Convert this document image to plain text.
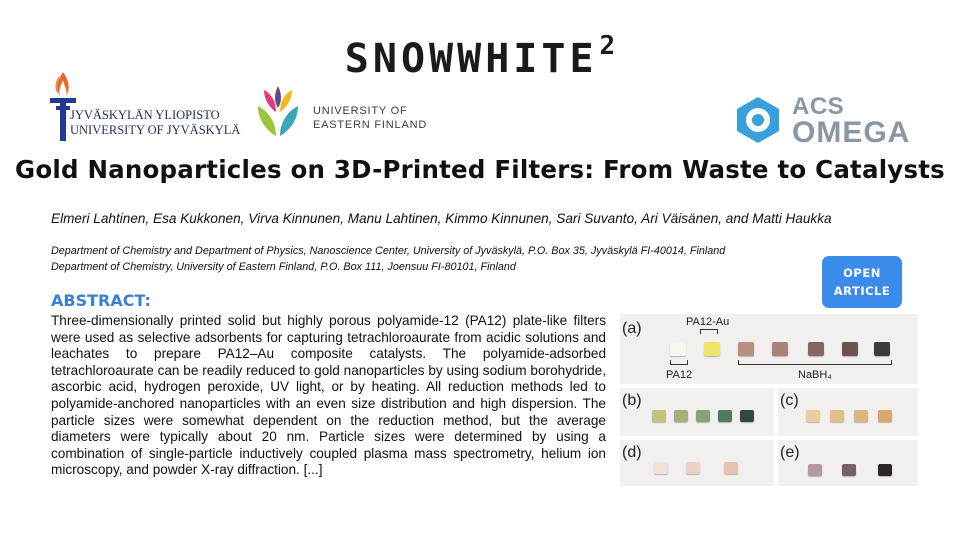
SNOWWHITE$^2$
JYVÄSKYLÄN YLIOPISTO
UNIVERSITY OF JYVÄSKYLÄ
UNIVERSITY OF
EASTERN FINLAND
ACS
OMEGA
Gold Nanoparticles on 3D-Printed Filters: From Waste to Catalysts
Elmeri Lahtinen, Esa Kukkonen, Virva Kinnunen, Manu Lahtinen, Kimmo Kinnunen, Sari Suvanto, Ari Väisänen, and Matti Haukka
Department of Chemistry and Department of Physics, Nanoscience Center, University of Jyväskylä, P.O. Box 35, Jyväskylä FI-40014, Finland
Department of Chemistry, University of Eastern Finland, P.O. Box 111, Joensuu FI-80101, Finland	OPEN
ARTICLE
ABSTRACT:
Three-dimensionally printed solid but highly porous polyamide-12 (PA12) plate-like filters were used as selective adsorbents for capturing tetrachloroaurate from acidic solutions and leachates to prepare PA12–Au composite catalysts. The polyamide-adsorbed tetrachloroaurate can be readily reduced to gold nanoparticles by using sodium borohydride, ascorbic acid, hydrogen peroxide, UV light, or by heating. All reduction methods led to polyamide-anchored nanoparticles with an even size distribution and high dispersion. The particle sizes were somewhat dependent on the reduction method, but the average diameters were typically about 20 nm. Particle sizes were determined by using a combination of single-particle inductively coupled plasma mass spectrometry, helium ion microscopy, and powder X-ray diffraction. [...]
(a)	PA12-Au
PA12	NaBH₄
(b)	(c)
(d)	(e)
